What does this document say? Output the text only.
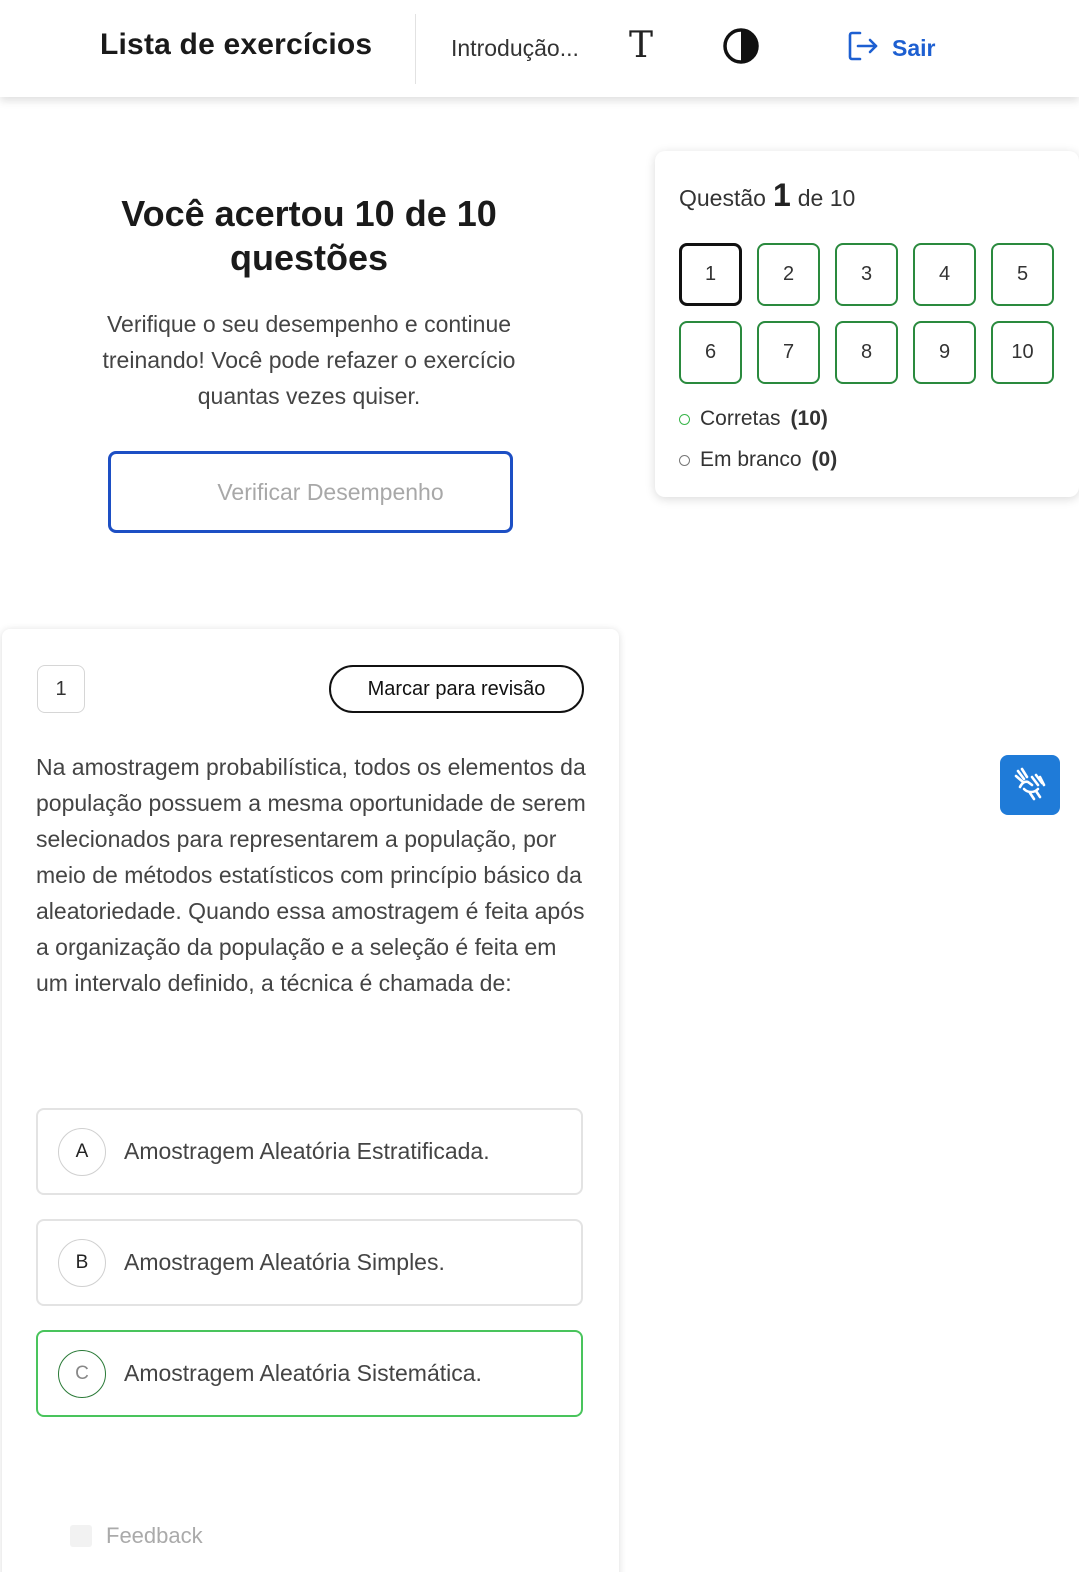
Lista de exercícios	Introdução... T	Sair
Você acertou 10 de 10 questões

Verifique o seu desempenho e continue treinando! Você pode refazer o exercício quantas vezes quiser.

Verificar Desempenho
Questão 1 de 10
1	2	3	4	5
6	7	8	9	10
Corretas (10)
Em branco (0)
1	Marcar para revisão

Na amostragem probabilística, todos os elementos da população possuem a mesma oportunidade de serem selecionados para representarem a população, por meio de métodos estatísticos com princípio básico da aleatoriedade. Quando essa amostragem é feita após a organização da população e a seleção é feita em um intervalo definido, a técnica é chamada de:

A	Amostragem Aleatória Estratificada.
B	Amostragem Aleatória Simples.
C	Amostragem Aleatória Sistemática.
Feedback
